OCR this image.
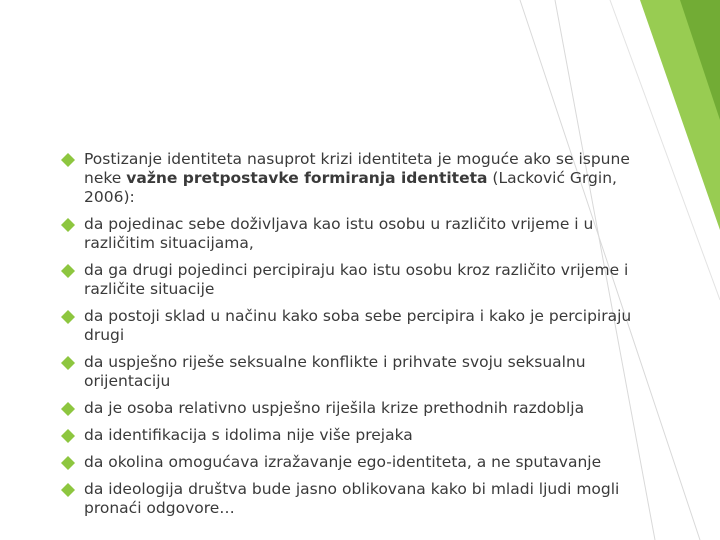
Postizanje identiteta nasuprot krizi identiteta je moguće ako se ispune neke važne pretpostavke formiranja identiteta (Lacković Grgin, 2006):
da pojedinac sebe doživljava kao istu osobu u različito vrijeme i u različitim situacijama,
da ga drugi pojedinci percipiraju kao istu osobu kroz različito vrijeme i različite situacije
da postoji sklad u načinu kako soba sebe percipira i kako je percipiraju drugi
da uspješno riješe seksualne konflikte i prihvate svoju seksualnu orijentaciju
da je osoba relativno uspješno riješila krize prethodnih razdoblja
da identifikacija s idolima nije više prejaka
da okolina omogućava izražavanje ego-identiteta, a ne sputavanje
da ideologija društva bude jasno oblikovana kako bi mladi ljudi mogli pronaći odgovore…
